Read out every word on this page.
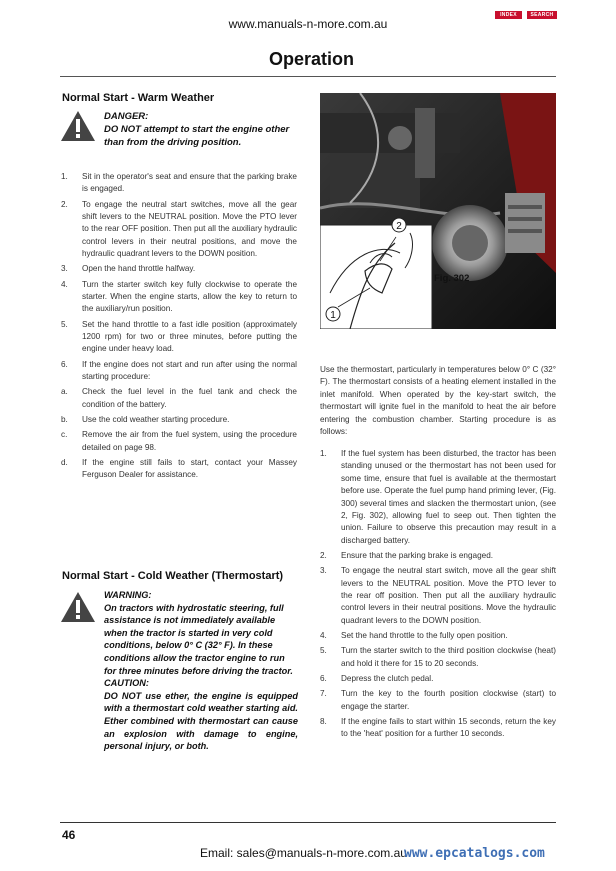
www.manuals-n-more.com.au
INDEX	SEARCH
Operation
Normal Start - Warm Weather
DANGER:
DO NOT attempt to start the engine other than from the driving position.
1. Sit in the operator's seat and ensure that the parking brake is engaged.
2. To engage the neutral start switches, move all the gear shift levers to the NEUTRAL position. Move the PTO lever to the rear OFF position. Then put all the auxiliary hydraulic control levers in their neutral positions, and move the hydraulic quadrant levers to the DOWN position.
3. Open the hand throttle halfway.
4. Turn the starter switch key fully clockwise to operate the starter. When the engine starts, allow the key to return to the auxiliary/run position.
5. Set the hand throttle to a fast idle position (approximately 1200 rpm) for two or three minutes, before putting the engine under heavy load.
6. If the engine does not start and run after using the normal starting procedure:
a. Check the fuel level in the fuel tank and check the condition of the battery.
b. Use the cold weather starting procedure.
c. Remove the air from the fuel system, using the procedure detailed on page 98.
d. If the engine still fails to start, contact your Massey Ferguson Dealer for assistance.
Normal Start - Cold Weather (Thermostart)
WARNING:
On tractors with hydrostatic steering, full assistance is not immediately available when the tractor is started in very cold conditions, below 0° C (32° F). In these conditions allow the tractor engine to run for three minutes before driving the tractor.
CAUTION:
DO NOT use ether, the engine is equipped with a thermostart cold weather starting aid. Ether combined with thermostart can cause an explosion with damage to engine, personal injury, or both.
1
2
Fig. 302
Use the thermostart, particularly in temperatures below 0° C (32° F). The thermostart consists of a heating element installed in the inlet manifold. When operated by the key-start switch, the thermostart will ignite fuel in the manifold to heat the air before entering the combustion chamber. Starting procedure is as follows:
1. If the fuel system has been disturbed, the tractor has been standing unused or the thermostart has not been used for some time, ensure that fuel is available at the thermostart before use. Operate the fuel pump hand priming lever, (Fig. 300) several times and slacken the thermostart union, (see 2, Fig. 302), allowing fuel to seep out. Then tighten the union. Failure to observe this precaution may result in a discharged battery.
2. Ensure that the parking brake is engaged.
3. To engage the neutral start switch, move all the gear shift levers to the NEUTRAL position. Move the PTO lever to the rear off position. Then put all the auxiliary hydraulic control levers in their neutral positions. Move the hydraulic quadrant levers to the DOWN position.
4. Set the hand throttle to the fully open position.
5. Turn the starter switch to the third position clockwise (heat) and hold it there for 15 to 20 seconds.
6. Depress the clutch pedal.
7. Turn the key to the fourth position clockwise (start) to engage the starter.
8. If the engine fails to start within 15 seconds, return the key to the 'heat' position for a further 10 seconds.
46
Email: sales@manuals-n-more.com.au
www.epcatalogs.com
